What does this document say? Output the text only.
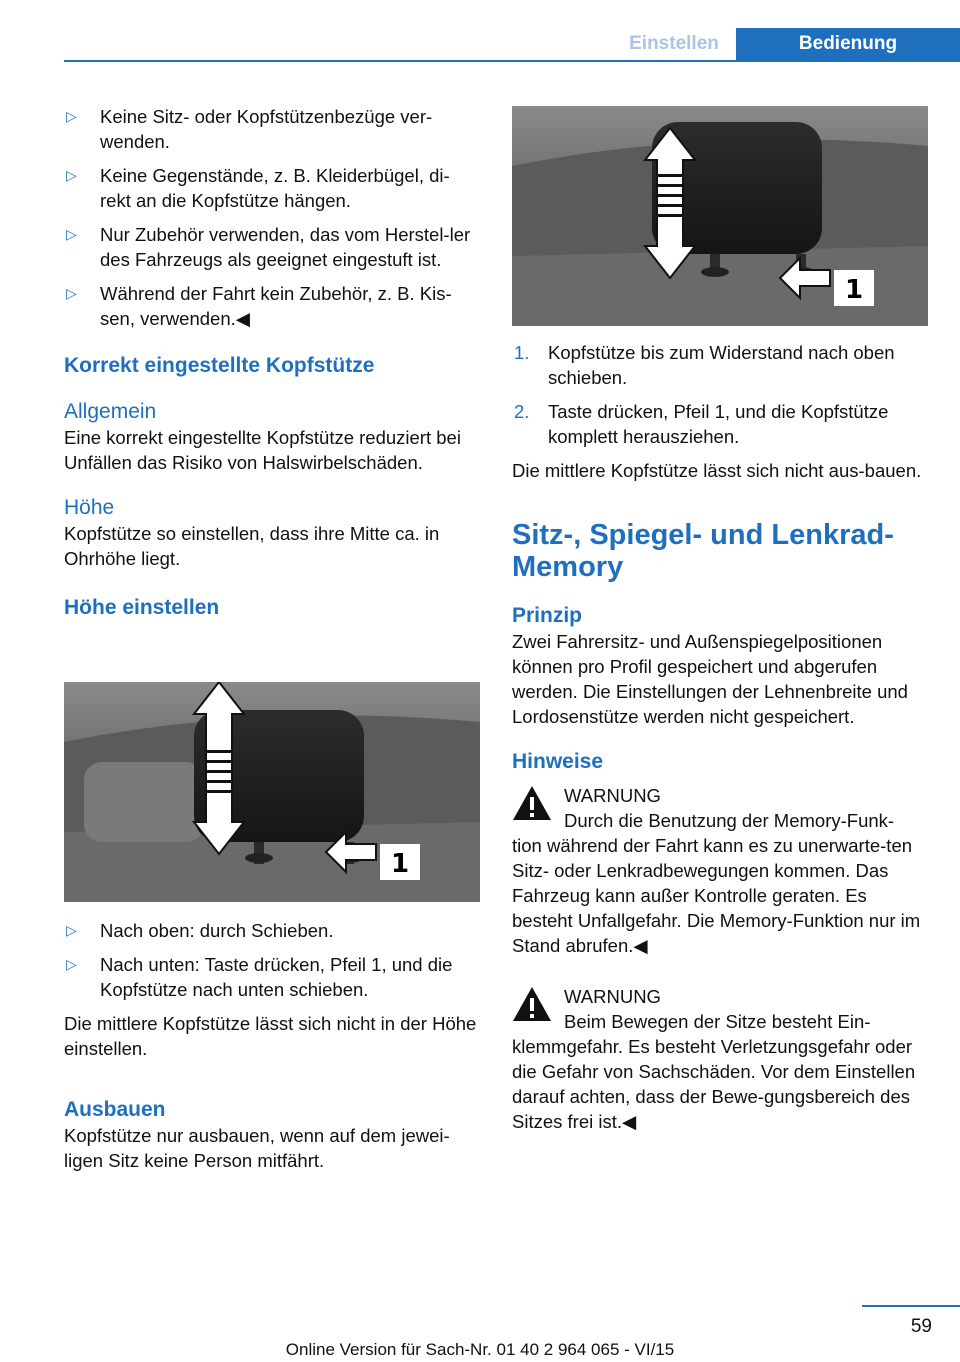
Einstellen	Bedienung
▷	Keine Sitz- oder Kopfstützenbezüge ver‐wenden.
▷	Keine Gegenstände, z. B. Kleiderbügel, di‐rekt an die Kopfstütze hängen.
▷	Nur Zubehör verwenden, das vom Herstel‐ler des Fahrzeugs als geeignet eingestuft ist.
▷	Während der Fahrt kein Zubehör, z. B. Kis‐sen, verwenden.◀
Korrekt eingestellte Kopfstütze
Allgemein

Eine korrekt eingestellte Kopfstütze reduziert bei Unfällen das Risiko von Halswirbelschäden.

Höhe

Kopfstütze so einstellen, dass ihre Mitte ca. in Ohrhöhe liegt.

Höhe einstellen
1
▷	Nach oben: durch Schieben.
▷	Nach unten: Taste drücken, Pfeil 1, und die Kopfstütze nach unten schieben.

Die mittlere Kopfstütze lässt sich nicht in der Höhe einstellen.

Ausbauen

Kopfstütze nur ausbauen, wenn auf dem jewei‐ligen Sitz keine Person mitfährt.

1
1.	Kopfstütze bis zum Widerstand nach oben schieben.
2.	Taste drücken, Pfeil 1, und die Kopfstütze komplett herausziehen.

Die mittlere Kopfstütze lässt sich nicht aus‐bauen.

Sitz-, Spiegel- und Lenkrad-Memory
Prinzip

Zwei Fahrersitz- und Außenspiegelpositionen können pro Profil gespeichert und abgerufen werden. Die Einstellungen der Lehnenbreite und Lordosenstütze werden nicht gespeichert.

Hinweise
WARNUNG
Durch die Benutzung der Memory-Funk‐

tion während der Fahrt kann es zu unerwarte‐ten Sitz- oder Lenkradbewegungen kommen. Das Fahrzeug kann außer Kontrolle geraten. Es besteht Unfallgefahr. Die Memory-Funktion nur im Stand abrufen.◀

WARNUNG
Beim Bewegen der Sitze besteht Ein‐

klemmgefahr. Es besteht Verletzungsgefahr oder die Gefahr von Sachschäden. Vor dem Einstellen darauf achten, dass der Bewe‐gungsbereich des Sitzes frei ist.◀

59
Online Version für Sach-Nr. 01 40 2 964 065 - VI/15
